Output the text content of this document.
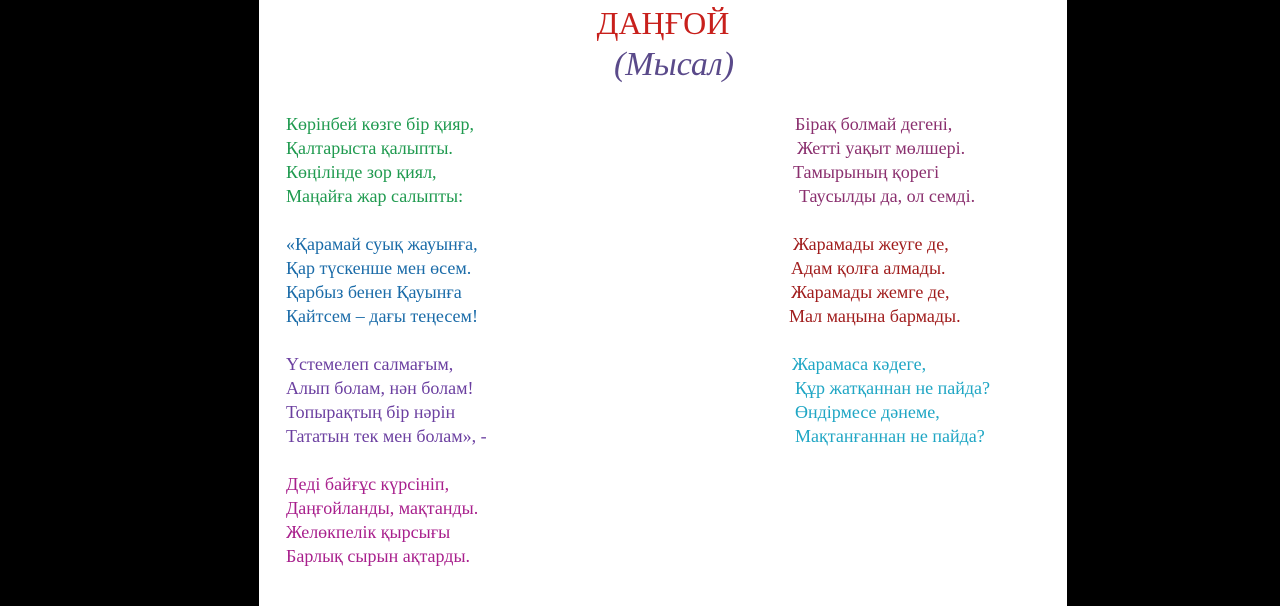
ДАҢҒОЙ
(Мысал)
Көрінбей көзге бір қияр,
Қалтарыста қалыпты.
Көңілінде зор қиял,
Маңайға жар салыпты:
«Қарамай суық жауынға,
Қар түскенше мен өсем.
Қарбыз бенен Қауынға
Қайтсем – дағы теңесем!
Үстемелеп салмағым,
Алып болам, нән болам!
Топырақтың бір нәрін
Тататын тек мен болам», -
Деді байғұс күрсініп,
Даңғойланды, мақтанды.
Желөкпелік қырсығы
Барлық сырын ақтарды.
Бірақ болмай дегені,
Жетті уақыт мөлшері.
Тамырының қорегі
Таусылды да, ол семді.
Жарамады жеуге де,
Адам қолға алмады.
Жарамады жемге де,
Мал маңына бармады.
Жарамаса кәдеге,
Құр жатқаннан не пайда?
Өндірмесе дәнеме,
Мақтанғаннан не пайда?
